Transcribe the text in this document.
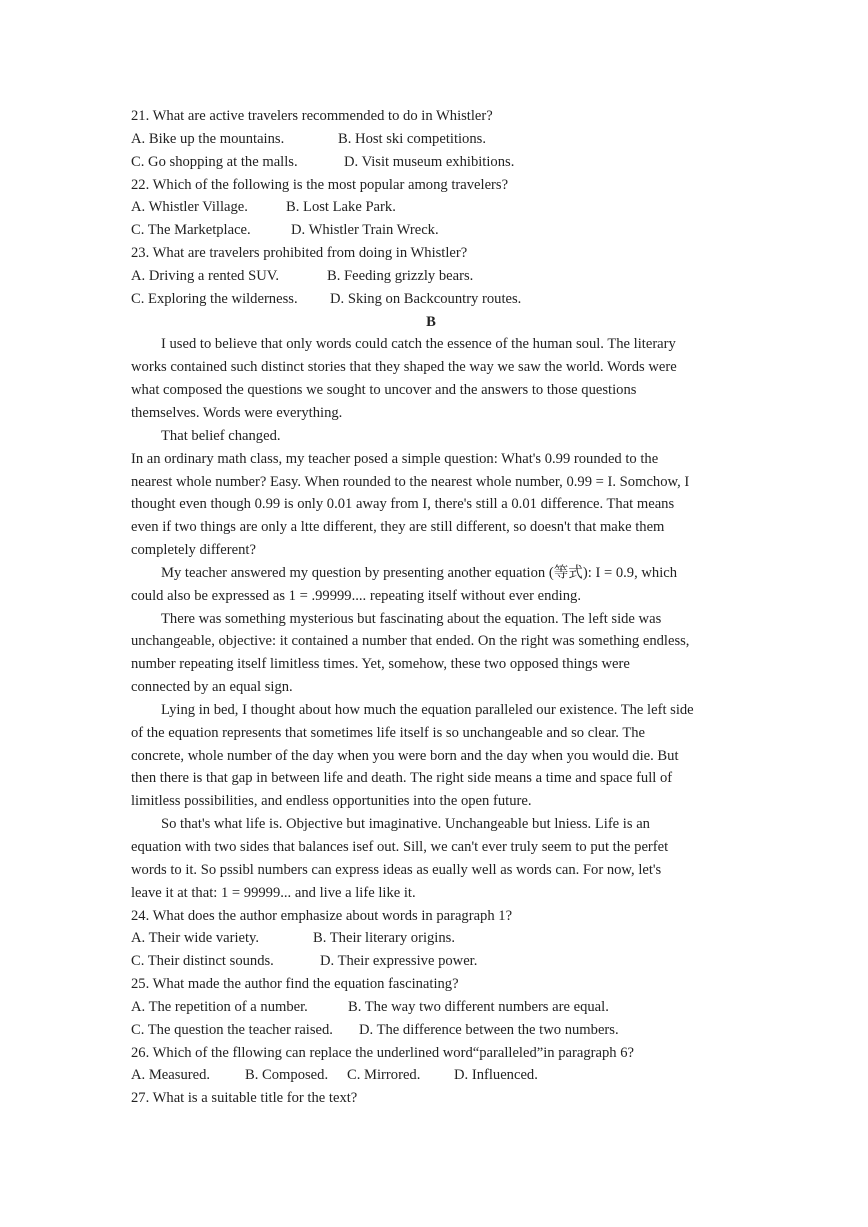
21. What are active travelers recommended to do in Whistler?
A. Bike up the mountains.	B. Host ski competitions.
C. Go shopping at the malls.	D. Visit museum exhibitions.
22. Which of the following is the most popular among travelers?
A. Whistler Village.	B. Lost Lake Park.
C. The Marketplace.	D. Whistler Train Wreck.
23. What are travelers prohibited from doing in Whistler?
A. Driving a rented SUV.	B. Feeding grizzly bears.
C. Exploring the wilderness. D. Sking on Backcountry routes.
B
I used to believe that only words could catch the essence of the human soul. The literary
works contained such distinct stories that they shaped the way we saw the world. Words were
what composed the questions we sought to uncover and the answers to those questions
themselves. Words were everything.
That belief changed.
In an ordinary math class, my teacher posed a simple question: What's 0.99 rounded to the
nearest whole number? Easy. When rounded to the nearest whole number, 0.99 = I. Somchow, I
thought even though 0.99 is only 0.01 away from I, there's still a 0.01 difference. That means
even if two things are only a ltte different, they are still different, so doesn't that make them
completely different?
My teacher answered my question by presenting another equation (等式): I = 0.9, which
could also be expressed as 1 = .99999.... repeating itself without ever ending.
There was something mysterious but fascinating about the equation. The left side was
unchangeable, objective: it contained a number that ended. On the right was something endless,
number repeating itself limitless times. Yet, somehow, these two opposed things were
connected by an equal sign.
Lying in bed, I thought about how much the equation paralleled our existence. The left side
of the equation represents that sometimes life itself is so unchangeable and so clear. The
concrete, whole number of the day when you were born and the day when you would die. But
then there is that gap in between life and death. The right side means a time and space full of
limitless possibilities, and endless opportunities into the open future.
So that's what life is. Objective but imaginative. Unchangeable but lniess. Life is an
equation with two sides that balances isef out. Sill, we can't ever truly seem to put the perfet
words to it. So pssibl numbers can express ideas as eually well as words can. For now, let's
leave it at that: 1 = 99999... and live a life like it.
24. What does the author emphasize about words in paragraph 1?
A. Their wide variety.	B. Their literary origins.
C. Their distinct sounds.	D. Their expressive power.
25. What made the author find the equation fascinating?
A. The repetition of a number.	B. The way two different numbers are equal.
C. The question the teacher raised. D. The difference between the two numbers.
26. Which of the fllowing can replace the underlined word“paralleled”in paragraph 6?
A. Measured. B. Composed. C. Mirrored. D. Influenced.
27. What is a suitable title for the text?
